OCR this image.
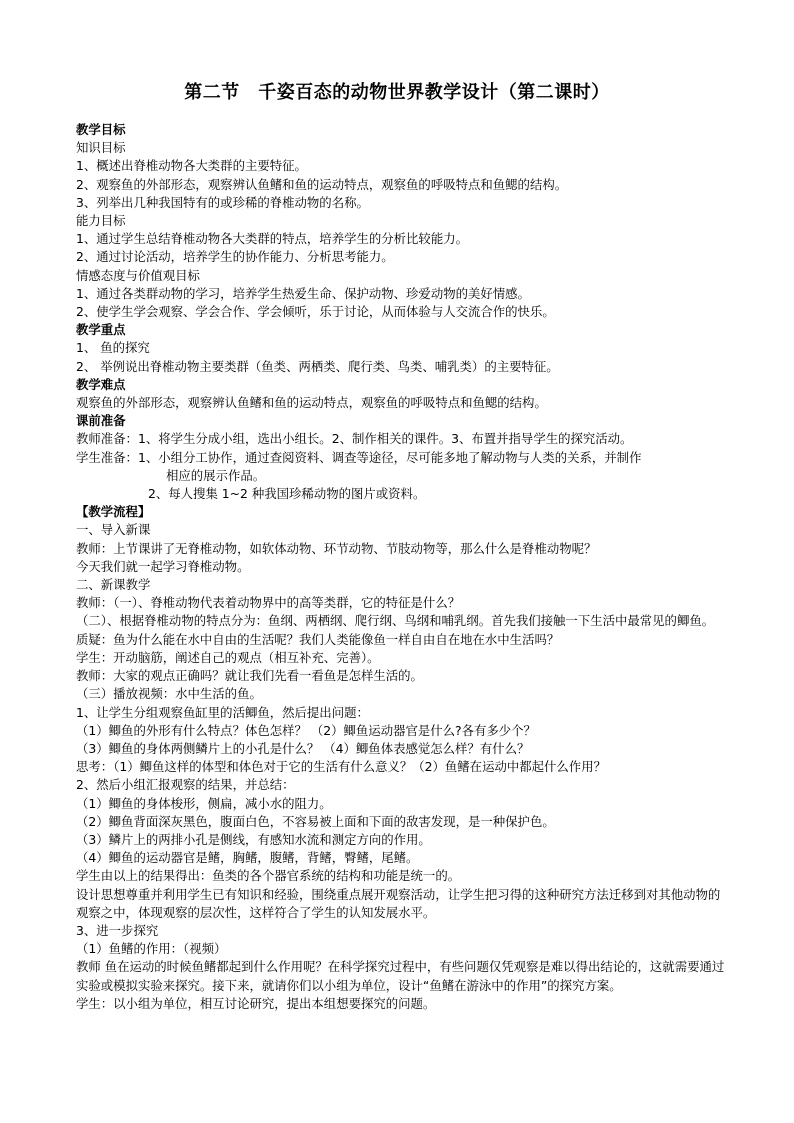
第二节　千姿百态的动物世界教学设计（第二课时）
教学目标
知识目标
1、概述出脊椎动物各大类群的主要特征。
2、观察鱼的外部形态，观察辨认鱼鳍和鱼的运动特点，观察鱼的呼吸特点和鱼鳃的结构。
3、列举出几种我国特有的或珍稀的脊椎动物的名称。
能力目标
1、通过学生总结脊椎动物各大类群的特点，培养学生的分析比较能力。
2、通过讨论活动，培养学生的协作能力、分析思考能力。
情感态度与价值观目标
1、通过各类群动物的学习，培养学生热爱生命、保护动物、珍爱动物的美好情感。
2、使学生学会观察、学会合作、学会倾听，乐于讨论，从而体验与人交流合作的快乐。
教学重点
1、 鱼的探究
2、 举例说出脊椎动物主要类群（鱼类、两栖类、爬行类、鸟类、哺乳类）的主要特征。
教学难点
观察鱼的外部形态，观察辨认鱼鳍和鱼的运动特点，观察鱼的呼吸特点和鱼鳃的结构。
课前准备
教师准备：1、将学生分成小组，选出小组长。2、制作相关的课件。3、布置并指导学生的探究活动。
学生准备：1、小组分工协作，通过查阅资料、调查等途径，尽可能多地了解动物与人类的关系，并制作
相应的展示作品。
2、每人搜集 1~2 种我国珍稀动物的图片或资料。
【教学流程】
一、导入新课
教师：上节课讲了无脊椎动物，如软体动物、环节动物、节肢动物等，那么什么是脊椎动物呢？
今天我们就一起学习脊椎动物。
二、新课教学
教师：（一）、脊椎动物代表着动物界中的高等类群，它的特征是什么？
（二）、根据脊椎动物的特点分为：鱼纲、两栖纲、爬行纲、鸟纲和哺乳纲。首先我们接触一下生活中最常见的鲫鱼。
质疑：鱼为什么能在水中自由的生活呢？我们人类能像鱼一样自由自在地在水中生活吗？
学生：开动脑筋，阐述自己的观点（相互补充、完善）。
教师：大家的观点正确吗？就让我们先看一看鱼是怎样生活的。
（三）播放视频：水中生活的鱼。
1、让学生分组观察鱼缸里的活鲫鱼，然后提出问题：
（1）鲫鱼的外形有什么特点？体色怎样？ （2）鲫鱼运动器官是什么?各有多少个？
（3）鲫鱼的身体两侧鳞片上的小孔是什么？ （4）鲫鱼体表感觉怎么样？有什么？
思考：（1）鲫鱼这样的体型和体色对于它的生活有什么意义？（2）鱼鳍在运动中都起什么作用？
2、然后小组汇报观察的结果，并总结：
（1）鲫鱼的身体梭形，侧扁，减小水的阻力。
（2）鲫鱼背面深灰黑色，腹面白色，不容易被上面和下面的敌害发现，是一种保护色。
（3）鳞片上的两排小孔是侧线，有感知水流和测定方向的作用。
（4）鲫鱼的运动器官是鳍，胸鳍，腹鳍，背鳍，臀鳍，尾鳍。
学生由以上的结果得出：鱼类的各个器官系统的结构和功能是统一的。
设计思想尊重并利用学生已有知识和经验，围绕重点展开观察活动，让学生把习得的这种研究方法迁移到对其他动物的观察之中，体现观察的层次性，这样符合了学生的认知发展水平。
3、进一步探究
（1）鱼鳍的作用：（视频）
教师 鱼在运动的时候鱼鳍都起到什么作用呢？在科学探究过程中，有些问题仅凭观察是难以得出结论的，这就需要通过实验或模拟实验来探究。接下来，就请你们以小组为单位，设计“鱼鳍在游泳中的作用”的探究方案。
学生：以小组为单位，相互讨论研究，提出本组想要探究的问题。
